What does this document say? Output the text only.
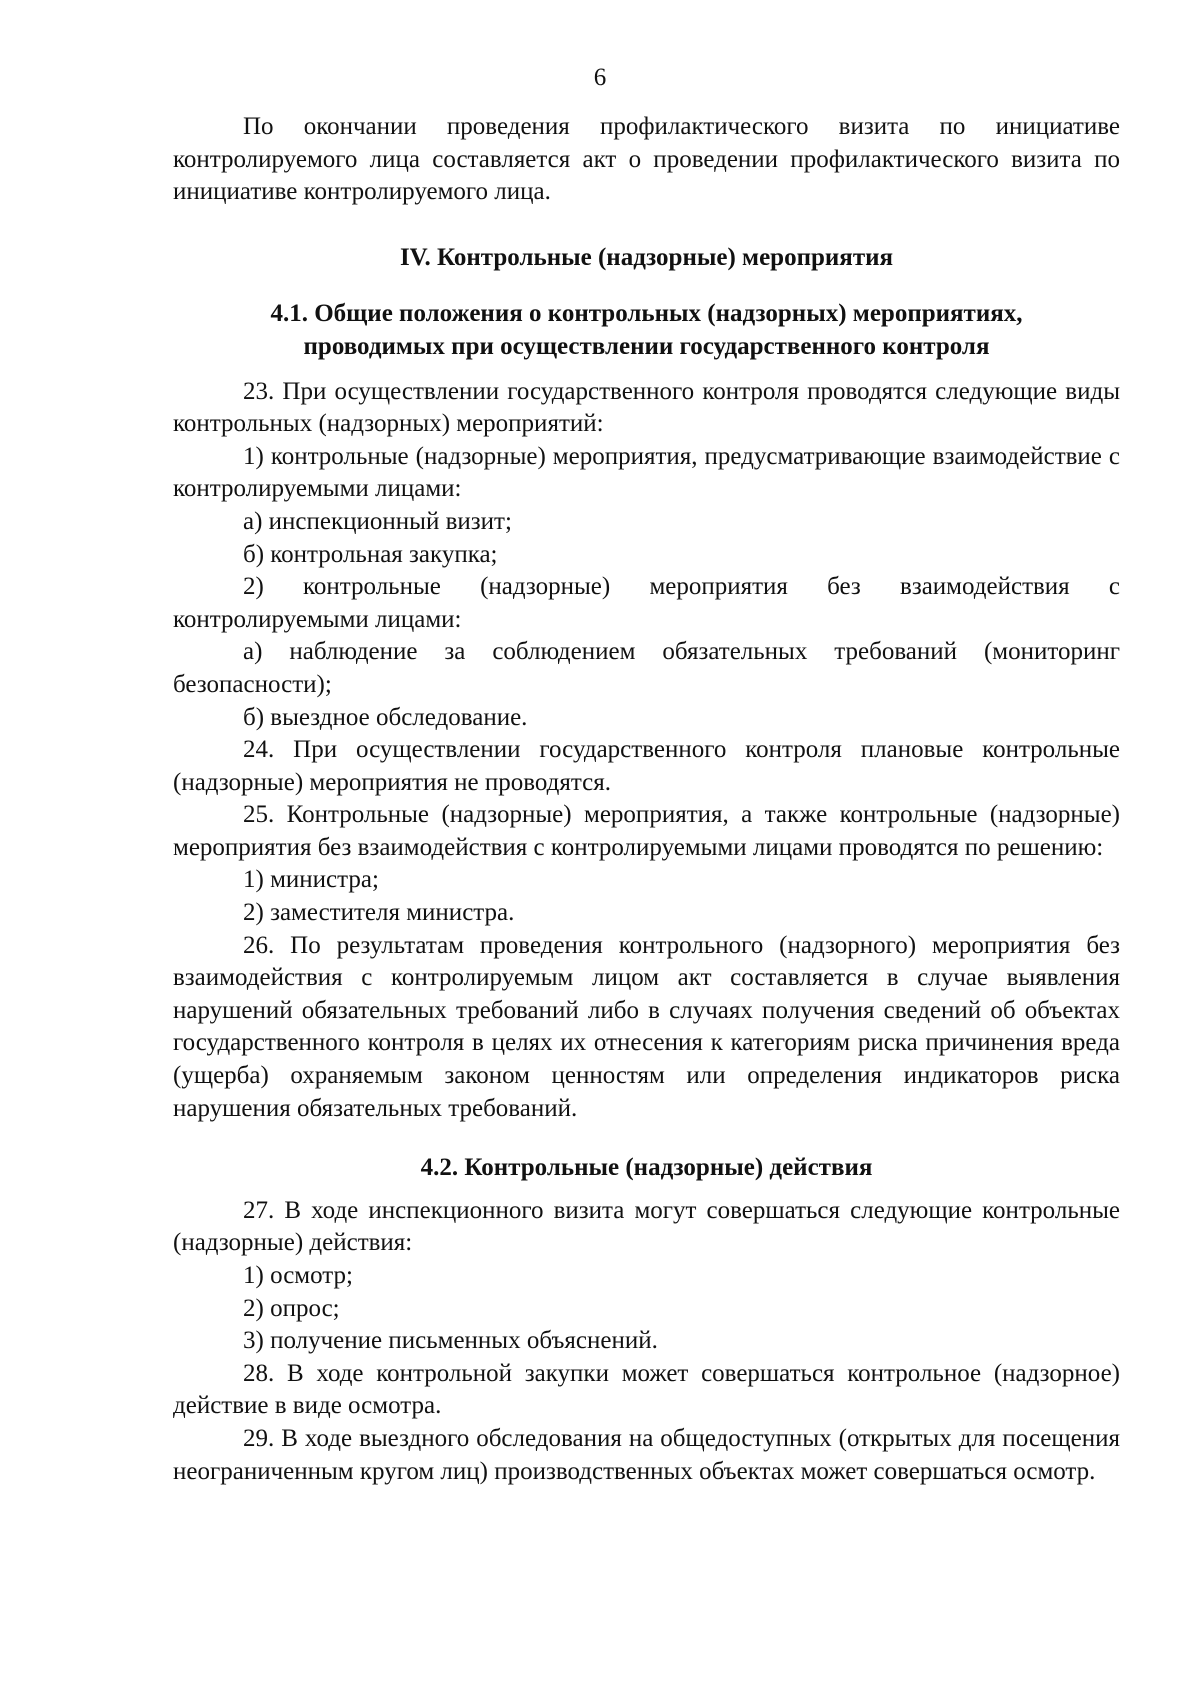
6

По окончании проведения профилактического визита по инициативе контролируемого лица составляется акт о проведении профилактического визита по инициативе контролируемого лица.

IV. Контрольные (надзорные) мероприятия

4.1. Общие положения о контрольных (надзорных) мероприятиях,

проводимых при осуществлении государственного контроля

23. При осуществлении государственного контроля проводятся следующие виды контрольных (надзорных) мероприятий:

1) контрольные (надзорные) мероприятия, предусматривающие взаимодействие с контролируемыми лицами:

а) инспекционный визит;

б) контрольная закупка;

2) контрольные (надзорные) мероприятия без взаимодействия с контролируемыми лицами:

а) наблюдение за соблюдением обязательных требований (мониторинг безопасности);

б) выездное обследование.

24. При осуществлении государственного контроля плановые контрольные (надзорные) мероприятия не проводятся.

25. Контрольные (надзорные) мероприятия, а также контрольные (надзорные) мероприятия без взаимодействия с контролируемыми лицами проводятся по решению:

1) министра;

2) заместителя министра.

26. По результатам проведения контрольного (надзорного) мероприятия без взаимодействия с контролируемым лицом акт составляется в случае выявления нарушений обязательных требований либо в случаях получения сведений об объектах государственного контроля в целях их отнесения к категориям риска причинения вреда (ущерба) охраняемым законом ценностям или определения индикаторов риска нарушения обязательных требований.

4.2. Контрольные (надзорные) действия

27. В ходе инспекционного визита могут совершаться следующие контрольные (надзорные) действия:

1) осмотр;

2) опрос;

3) получение письменных объяснений.

28. В ходе контрольной закупки может совершаться контрольное (надзорное) действие в виде осмотра.

29. В ходе выездного обследования на общедоступных (открытых для посещения неограниченным кругом лиц) производственных объектах может совершаться осмотр.
